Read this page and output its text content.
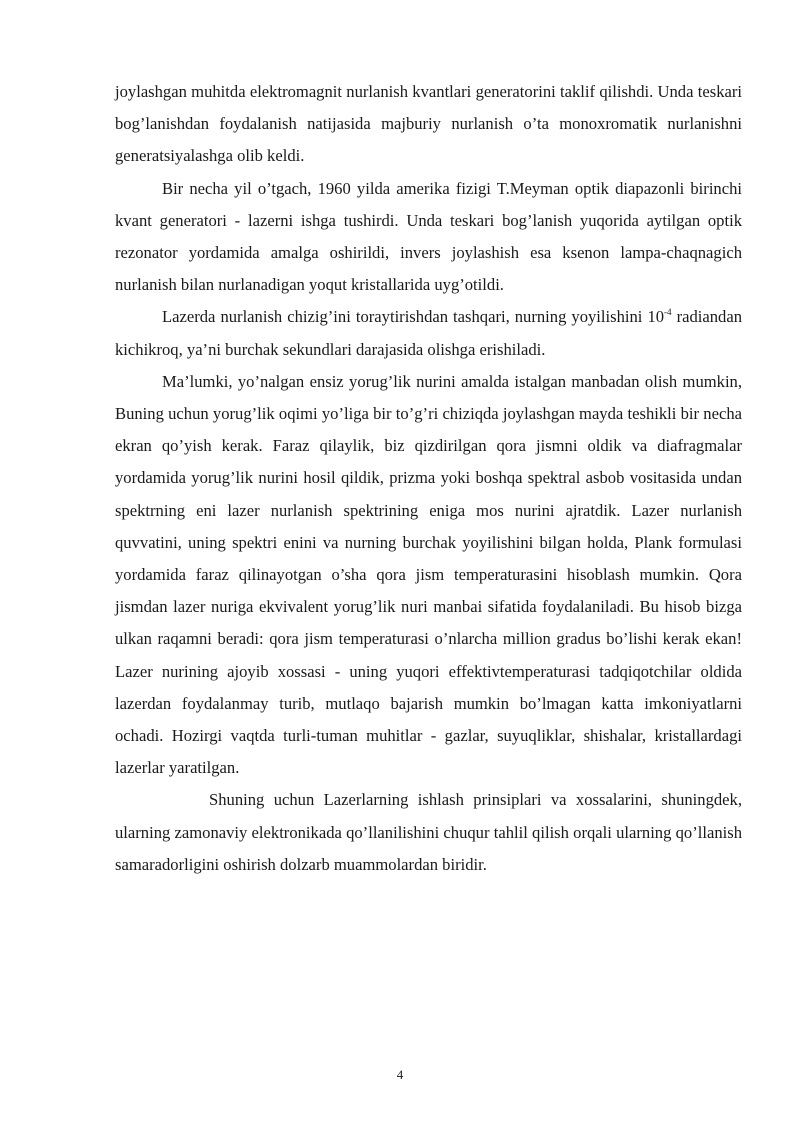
joylashgan muhitda elektromagnit nurlanish kvantlari generatorini taklif qilishdi. Unda teskari bog’lanishdan foydalanish natijasida majburiy nurlanish o’ta monoxromatik nurlanishni generatsiyalashga olib keldi.

Bir necha yil o’tgach, 1960 yilda amerika fizigi T.Meyman optik diapazonli birinchi kvant generatori - lazerni ishga tushirdi. Unda teskari bog’lanish yuqorida aytilgan optik rezonator yordamida amalga oshirildi, invers joylashish esa ksenon lampa-chaqnagich nurlanish bilan nurlanadigan yoqut kristallarida uyg’otildi.

Lazerda nurlanish chizig’ini toraytirishdan tashqari, nurning yoyilishini $10^{-4}$ radiandan kichikroq, ya’ni burchak sekundlari darajasida olishga erishiladi.

Ma’lumki, yo’nalgan ensiz yorug’lik nurini amalda istalgan manbadan olish mumkin, Buning uchun yorug’lik oqimi yo’liga bir to’g’ri chiziqda joylashgan mayda teshikli bir necha ekran qo’yish kerak. Faraz qilaylik, biz qizdirilgan qora jismni oldik va diafragmalar yordamida yorug’lik nurini hosil qildik, prizma yoki boshqa spektral asbob vositasida undan spektrning eni lazer nurlanish spektrining eniga mos nurini ajratdik. Lazer nurlanish quvvatini, uning spektri enini va nurning burchak yoyilishini bilgan holda, Plank formulasi yordamida faraz qilinayotgan o’sha qora jism temperaturasini hisoblash mumkin. Qora jismdan lazer nuriga ekvivalent yorug’lik nuri manbai sifatida foydalaniladi. Bu hisob bizga ulkan raqamni beradi: qora jism temperaturasi o’nlarcha million gradus bo’lishi kerak ekan! Lazer nurining ajoyib xossasi - uning yuqori effektivtemperaturasi tadqiqotchilar oldida lazerdan foydalanmay turib, mutlaqo bajarish mumkin bo’lmagan katta imkoniyatlarni ochadi. Hozirgi vaqtda turli-tuman muhitlar - gazlar, suyuqliklar, shishalar, kristallardagi lazerlar yaratilgan.

Shuning uchun Lazerlarning ishlash prinsiplari va xossalarini, shuningdek, ularning zamonaviy elektronikada qo’llanilishini chuqur tahlil qilish orqali ularning qo’llanish samaradorligini oshirish dolzarb muammolardan biridir.

4
